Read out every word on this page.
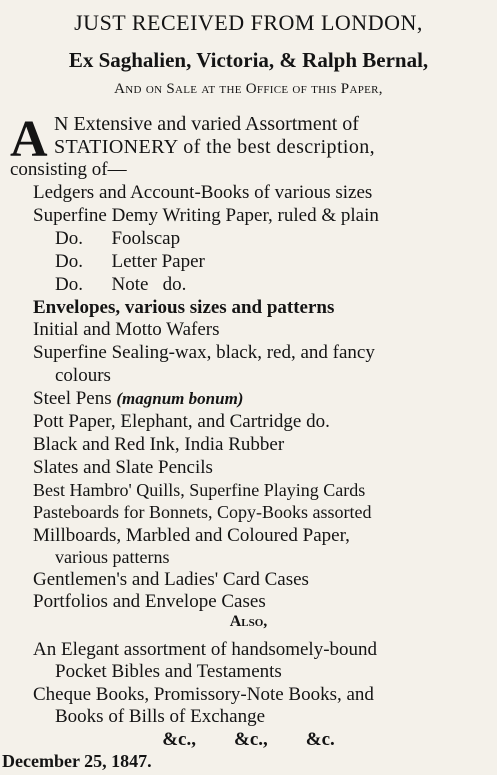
JUST RECEIVED FROM LONDON,
Ex Saghalien, Victoria, & Ralph Bernal,
And on Sale at the Office of this Paper,
A N Extensive and varied Assortment of
STATIONERY of the best description,
consisting of—
Ledgers and Account-Books of various sizes
Superfine Demy Writing Paper, ruled & plain
Do.      Foolscap
Do.      Letter Paper
Do.      Note   do.
Envelopes, various sizes and patterns
Initial and Motto Wafers
Superfine Sealing-wax, black, red, and fancy
colours
Steel Pens (magnum bonum)
Pott Paper, Elephant, and Cartridge do.
Black and Red Ink, India Rubber
Slates and Slate Pencils
Best Hambro' Quills, Superfine Playing Cards
Pasteboards for Bonnets, Copy-Books assorted
Millboards, Marbled and Coloured Paper,
various patterns
Gentlemen's and Ladies' Card Cases
Portfolios and Envelope Cases
Also,
An Elegant assortment of handsomely-bound
Pocket Bibles and Testaments
Cheque Books, Promissory-Note Books, and
Books of Bills of Exchange
&c.,        &c.,        &c.
December 25, 1847.
